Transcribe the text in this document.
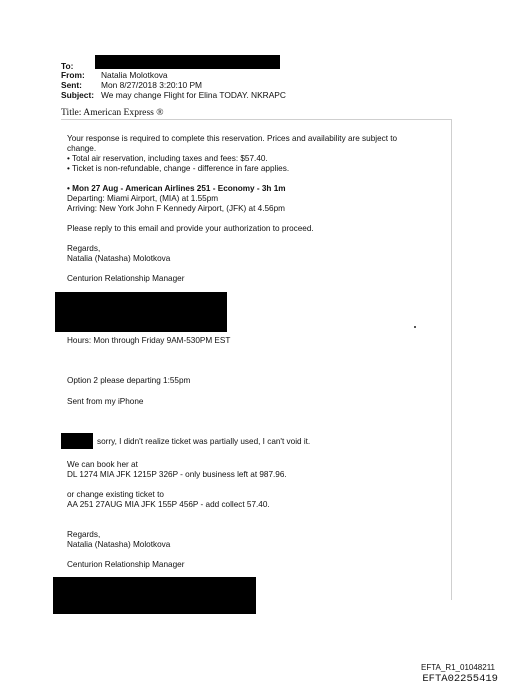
To:
From: Natalia Molotkova
Sent: Mon 8/27/2018 3:20:10 PM
Subject: We may change Flight for Elina TODAY. NKRAPC
Title: American Express ®
Your response is required to complete this reservation. Prices and availability are subject to
change.
• Total air reservation, including taxes and fees: $57.40.
• Ticket is non-refundable, change - difference in fare applies.
• Mon 27 Aug - American Airlines 251 - Economy - 3h 1m
Departing: Miami Airport, (MIA) at 1.55pm
Arriving: New York John F Kennedy Airport, (JFK) at 4.56pm
Please reply to this email and provide your authorization to proceed.
Regards,
Natalia (Natasha) Molotkova
Centurion Relationship Manager
Hours: Mon through Friday 9AM-530PM EST
Option 2 please departing 1:55pm
Sent from my iPhone
sorry, I didn't realize ticket was partially used, I can't void it.
We can book her at
DL 1274 MIA JFK 1215P 326P - only business left at 987.96.
or change existing ticket to
AA 251 27AUG MIA JFK 155P 456P - add collect 57.40.
Regards,
Natalia (Natasha) Molotkova
Centurion Relationship Manager
EFTA_R1_01048211
EFTA02255419
